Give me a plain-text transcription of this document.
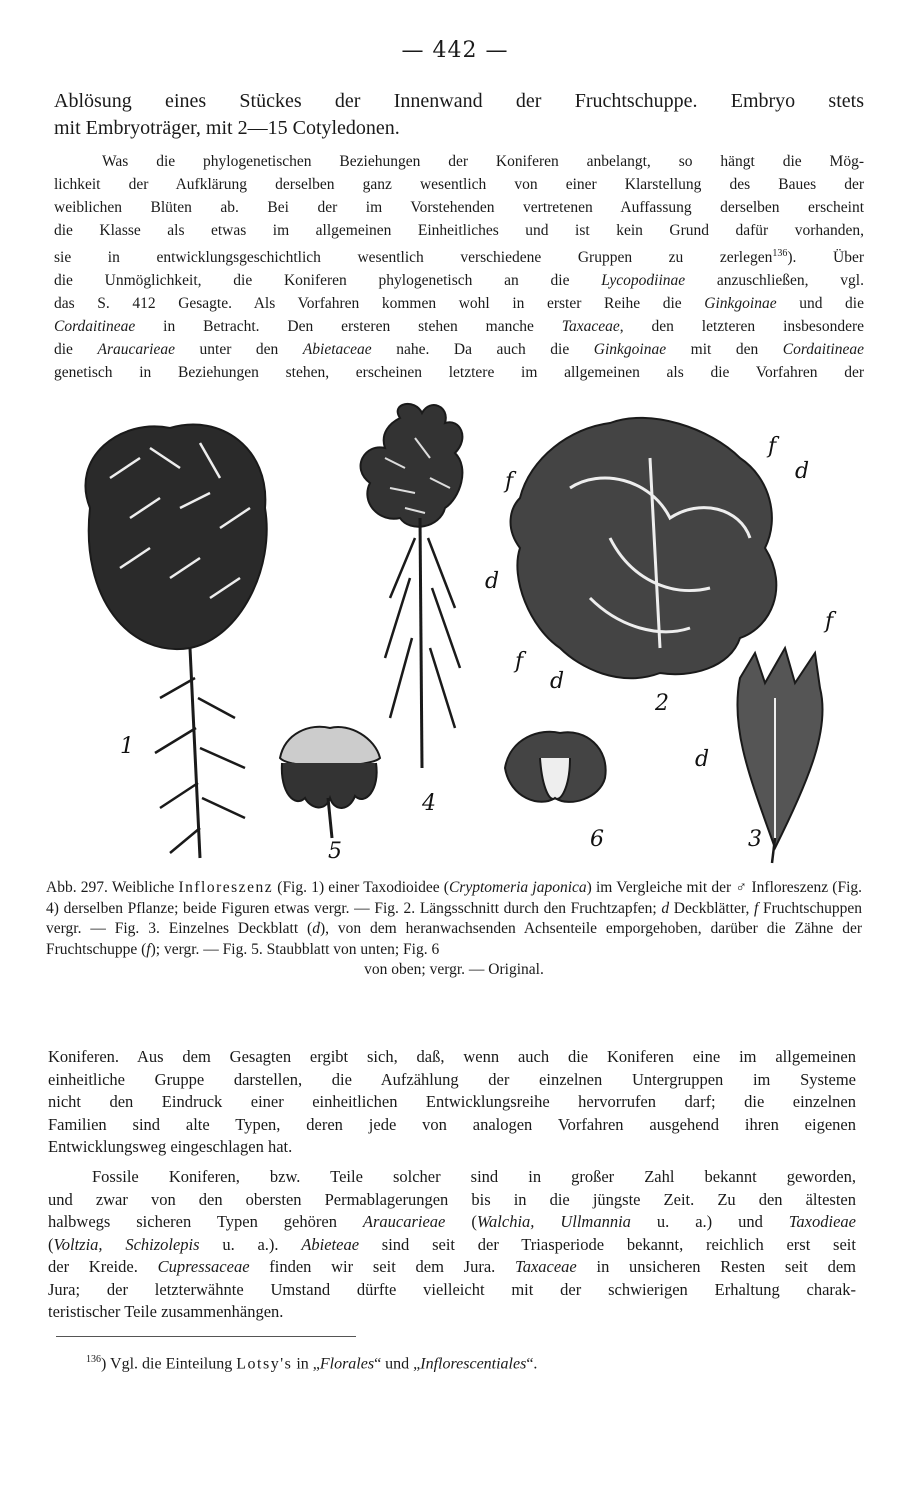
— 442 —
Ablösung eines Stückes der Innenwand der Fruchtschuppe. Embryo stets
mit Embryoträger, mit 2—15 Cotyledonen.
Was die phylogenetischen Beziehungen der Koniferen anbelangt, so hängt die Mög-
lichkeit der Aufklärung derselben ganz wesentlich von einer Klarstellung des Baues der
weiblichen Blüten ab. Bei der im Vorstehenden vertretenen Auffassung derselben erscheint
die Klasse als etwas im allgemeinen Einheitliches und ist kein Grund dafür vorhanden,
sie in entwicklungsgeschichtlich wesentlich verschiedene Gruppen zu zerlegen$^{136}$). Über
die Unmöglichkeit, die Koniferen phylogenetisch an die Lycopodiinae anzuschließen, vgl.
das S. 412 Gesagte. Als Vorfahren kommen wohl in erster Reihe die Ginkgoinae und die
Cordaitineae in Betracht. Den ersteren stehen manche Taxaceae, den letzteren insbesondere
die Araucarieae unter den Abietaceae nahe. Da auch die Ginkgoinae mit den Cordaitineae
genetisch in Beziehungen stehen, erscheinen letztere im allgemeinen als die Vorfahren der
1
2
3
4
5	6
f
f
f
f
d
d
d
d
Abb. 297. Weibliche Infloreszenz (Fig. 1) einer Taxodioidee (Cryptomeria japonica) im Vergleiche mit der ♂ Infloreszenz (Fig. 4) derselben Pflanze; beide Figuren etwas vergr. — Fig. 2. Längsschnitt durch den Fruchtzapfen; d Deckblätter, f Fruchtschuppen vergr. — Fig. 3. Einzelnes Deckblatt (d), von dem heranwachsenden Achsenteile emporgehoben, darüber die Zähne der Fruchtschuppe (f); vergr. — Fig. 5. Staubblatt von unten; Fig. 6
von oben; vergr. — Original.
Koniferen. Aus dem Gesagten ergibt sich, daß, wenn auch die Koniferen eine im allgemeinen
einheitliche Gruppe darstellen, die Aufzählung der einzelnen Untergruppen im Systeme
nicht den Eindruck einer einheitlichen Entwicklungsreihe hervorrufen darf; die einzelnen
Familien sind alte Typen, deren jede von analogen Vorfahren ausgehend ihren eigenen
Entwicklungsweg eingeschlagen hat.
Fossile Koniferen, bzw. Teile solcher sind in großer Zahl bekannt geworden,
und zwar von den obersten Permablagerungen bis in die jüngste Zeit. Zu den ältesten
halbwegs sicheren Typen gehören Araucarieae (Walchia, Ullmannia u. a.) und Taxodieae
(Voltzia, Schizolepis u. a.). Abieteae sind seit der Triasperiode bekannt, reichlich erst seit
der Kreide. Cupressaceae finden wir seit dem Jura. Taxaceae in unsicheren Resten seit dem
Jura; der letzterwähnte Umstand dürfte vielleicht mit der schwierigen Erhaltung charak-
teristischer Teile zusammenhängen.
$^{136}$) Vgl. die Einteilung Lotsy's in „Florales“ und „Inflorescentiales“.
